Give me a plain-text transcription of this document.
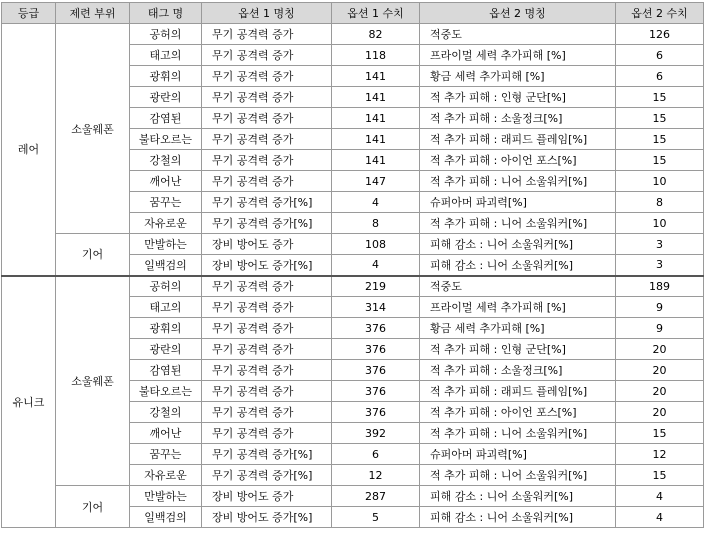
등급	제련 부위	태그 명	옵션 1 명칭	옵션 1 수치	옵션 2 명칭	옵션 2 수치
레어	소울웨폰	공허의	무기 공격력 증가	82	적중도	126
		태고의	무기 공격력 증가	118	프라이멀 세력 추가피해 [%]	6
		광휘의	무기 공격력 증가	141	황금 세력 추가피해 [%]	6
		광란의	무기 공격력 증가	141	적 추가 피해 : 인형 군단[%]	15
		감염된	무기 공격력 증가	141	적 추가 피해 : 소울정크[%]	15
		불타오르는	무기 공격력 증가	141	적 추가 피해 : 래피드 플레임[%]	15
		강철의	무기 공격력 증가	141	적 추가 피해 : 아이언 포스[%]	15
		깨어난	무기 공격력 증가	147	적 추가 피해 : 니어 소울워커[%]	10
		꿈꾸는	무기 공격력 증가[%]	4	슈퍼아머 파괴력[%]	8
		자유로운	무기 공격력 증가[%]	8	적 추가 피해 : 니어 소울워커[%]	10
	기어	만발하는	장비 방어도 증가	108	피해 감소 : 니어 소울워커[%]	3
		일백검의	장비 방어도 증가[%]	4	피해 감소 : 니어 소울워커[%]	3
유니크	소울웨폰	공허의	무기 공격력 증가	219	적중도	189
		태고의	무기 공격력 증가	314	프라이멀 세력 추가피해 [%]	9
		광휘의	무기 공격력 증가	376	황금 세력 추가피해 [%]	9
		광란의	무기 공격력 증가	376	적 추가 피해 : 인형 군단[%]	20
		감염된	무기 공격력 증가	376	적 추가 피해 : 소울정크[%]	20
		불타오르는	무기 공격력 증가	376	적 추가 피해 : 래피드 플레임[%]	20
		강철의	무기 공격력 증가	376	적 추가 피해 : 아이언 포스[%]	20
		깨어난	무기 공격력 증가	392	적 추가 피해 : 니어 소울워커[%]	15
		꿈꾸는	무기 공격력 증가[%]	6	슈퍼아머 파괴력[%]	12
		자유로운	무기 공격력 증가[%]	12	적 추가 피해 : 니어 소울워커[%]	15
	기어	만발하는	장비 방어도 증가	287	피해 감소 : 니어 소울워커[%]	4
		일백검의	장비 방어도 증가[%]	5	피해 감소 : 니어 소울워커[%]	4
